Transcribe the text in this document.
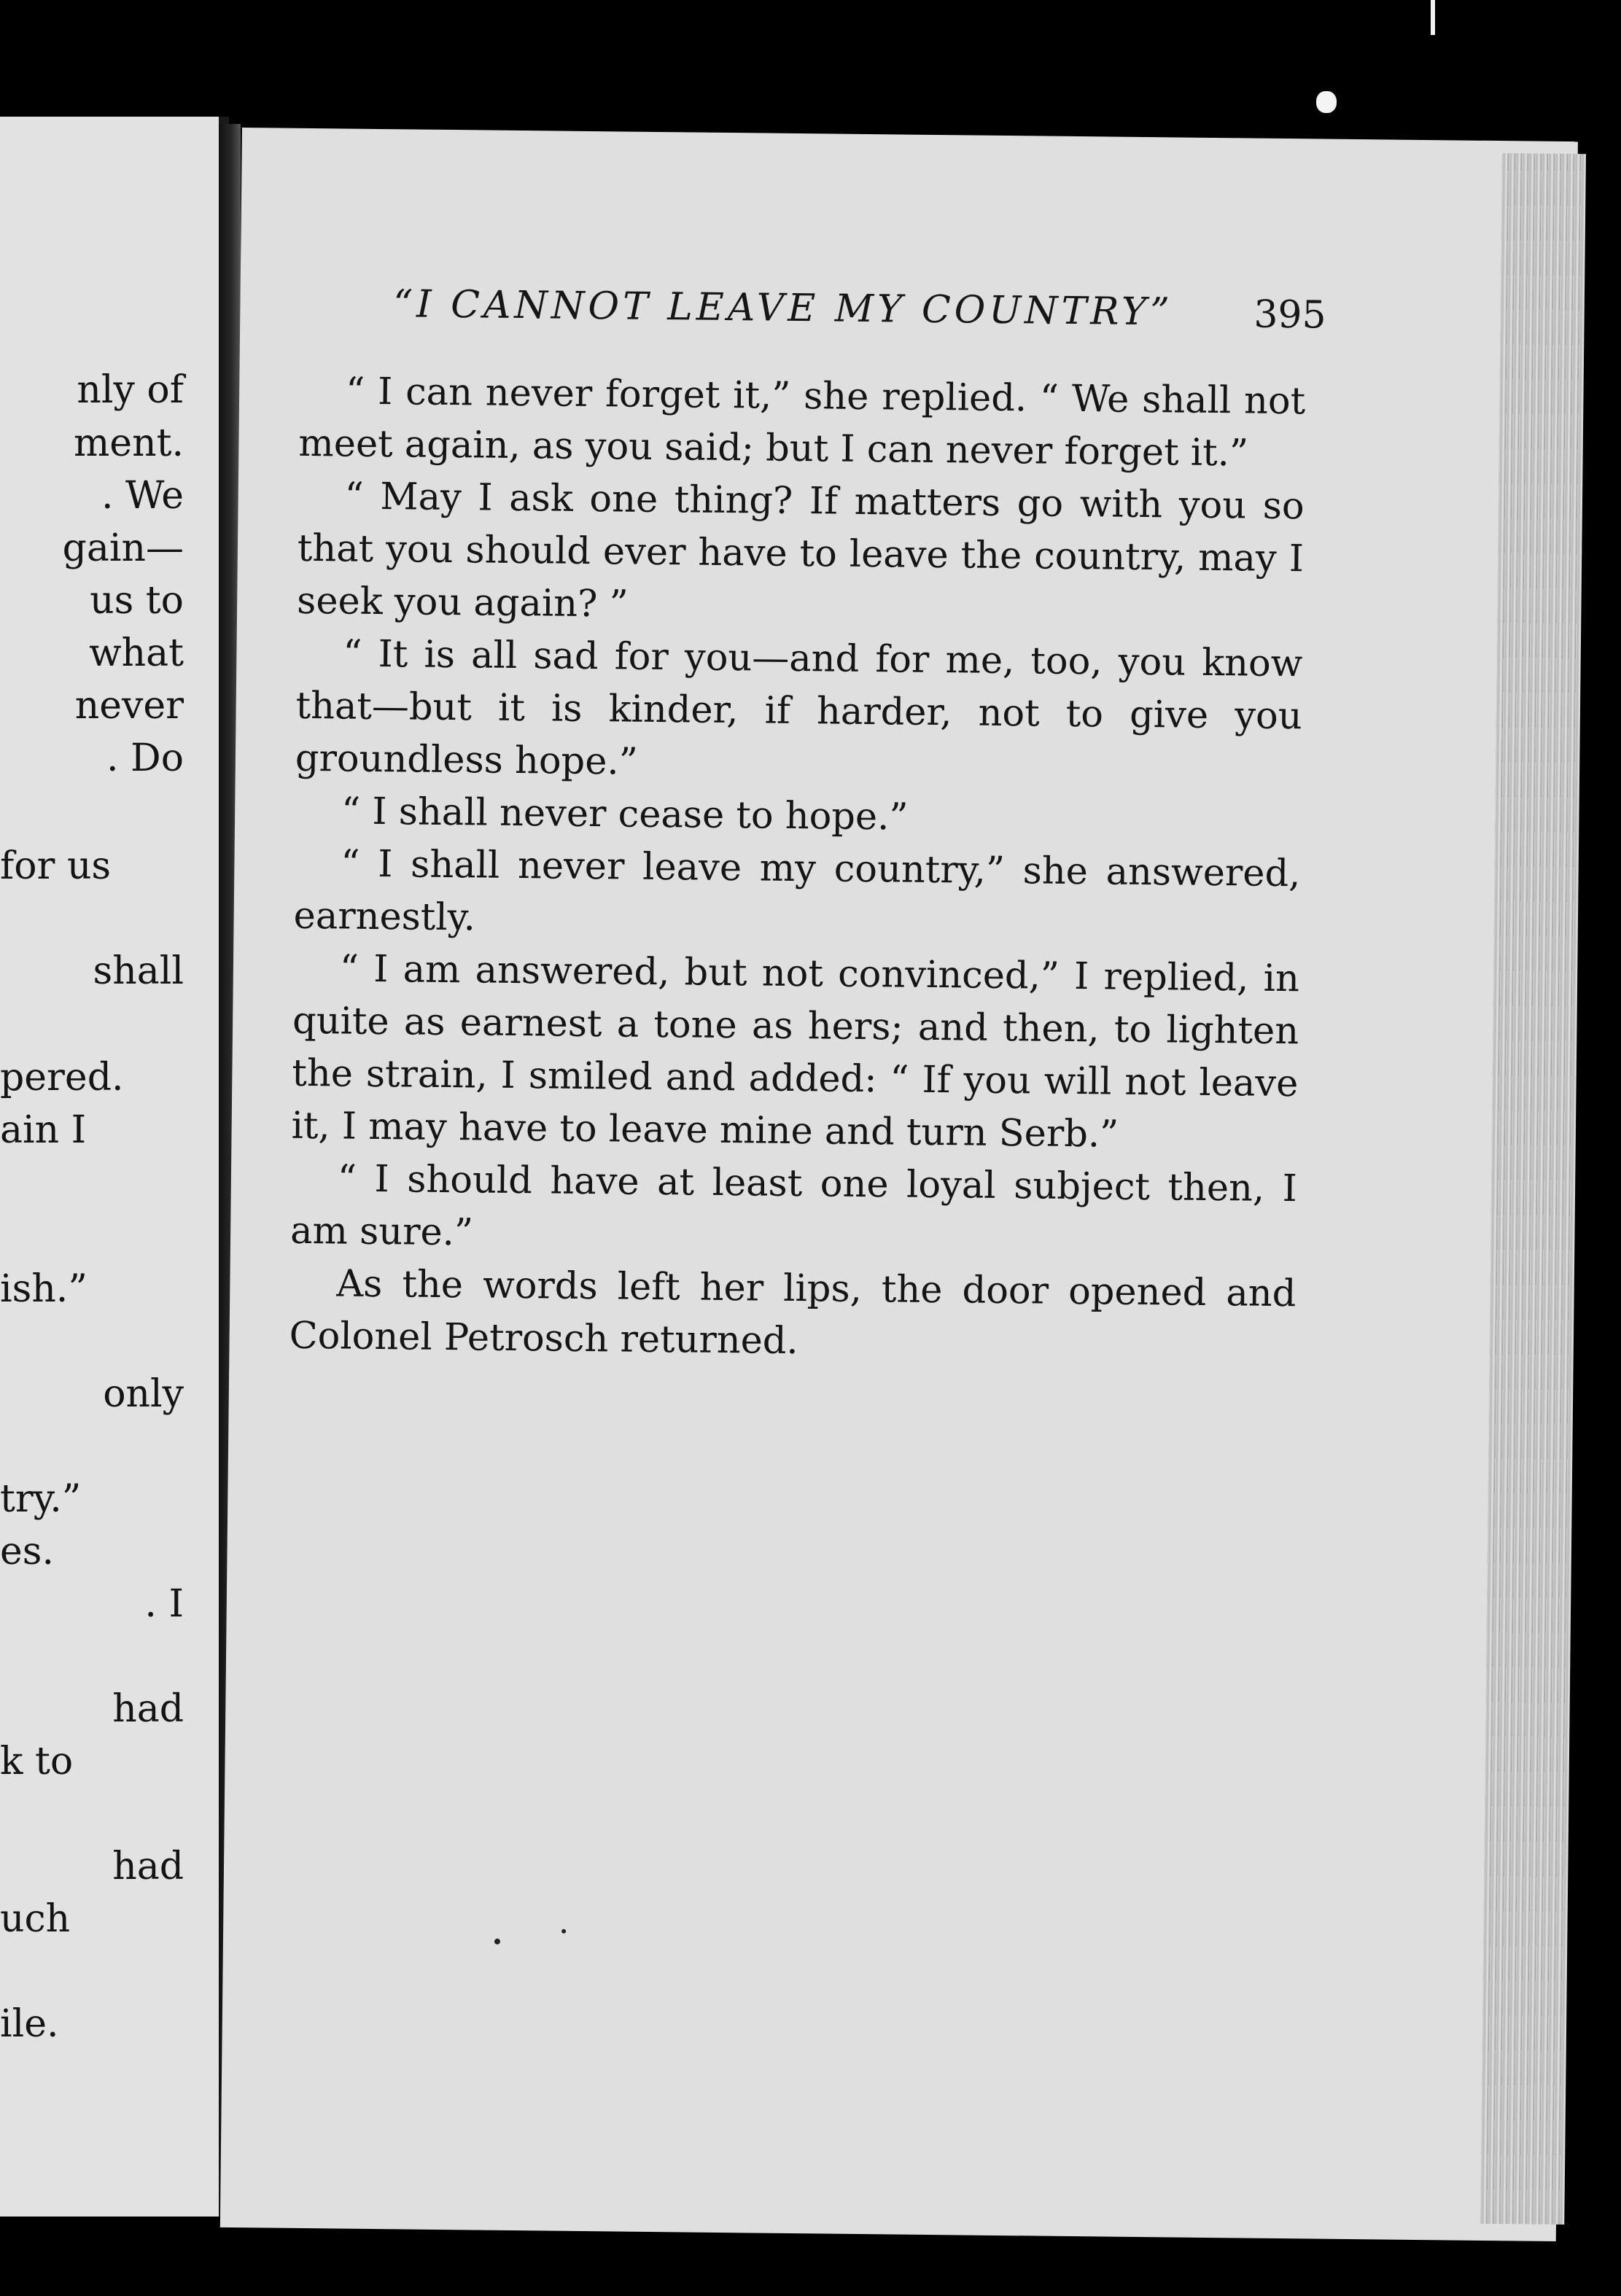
nly of
ment.
. We
gain—
us to
what
never
. Do
for us
shall
pered.
ain I
ish.”
only
try.”
es.
. I
had
k to
had
uch
ile.
“I CANNOT LEAVE MY COUNTRY”	395

“ I can never forget it,” she replied. “ We shall not meet again, as you said; but I can never forget it.”

“ May I ask one thing? If matters go with you so that you should ever have to leave the country, may I seek you again? ”

“ It is all sad for you—and for me, too, you know that—but it is kinder, if harder, not to give you groundless hope.”

“ I shall never cease to hope.”

“ I shall never leave my country,” she answered, earnestly.

“ I am answered, but not convinced,” I replied, in quite as earnest a tone as hers; and then, to lighten the strain, I smiled and added: “ If you will not leave it, I may have to leave mine and turn Serb.”

“ I should have at least one loyal subject then, I am sure.”

As the words left her lips, the door opened and Colonel Petrosch returned.
